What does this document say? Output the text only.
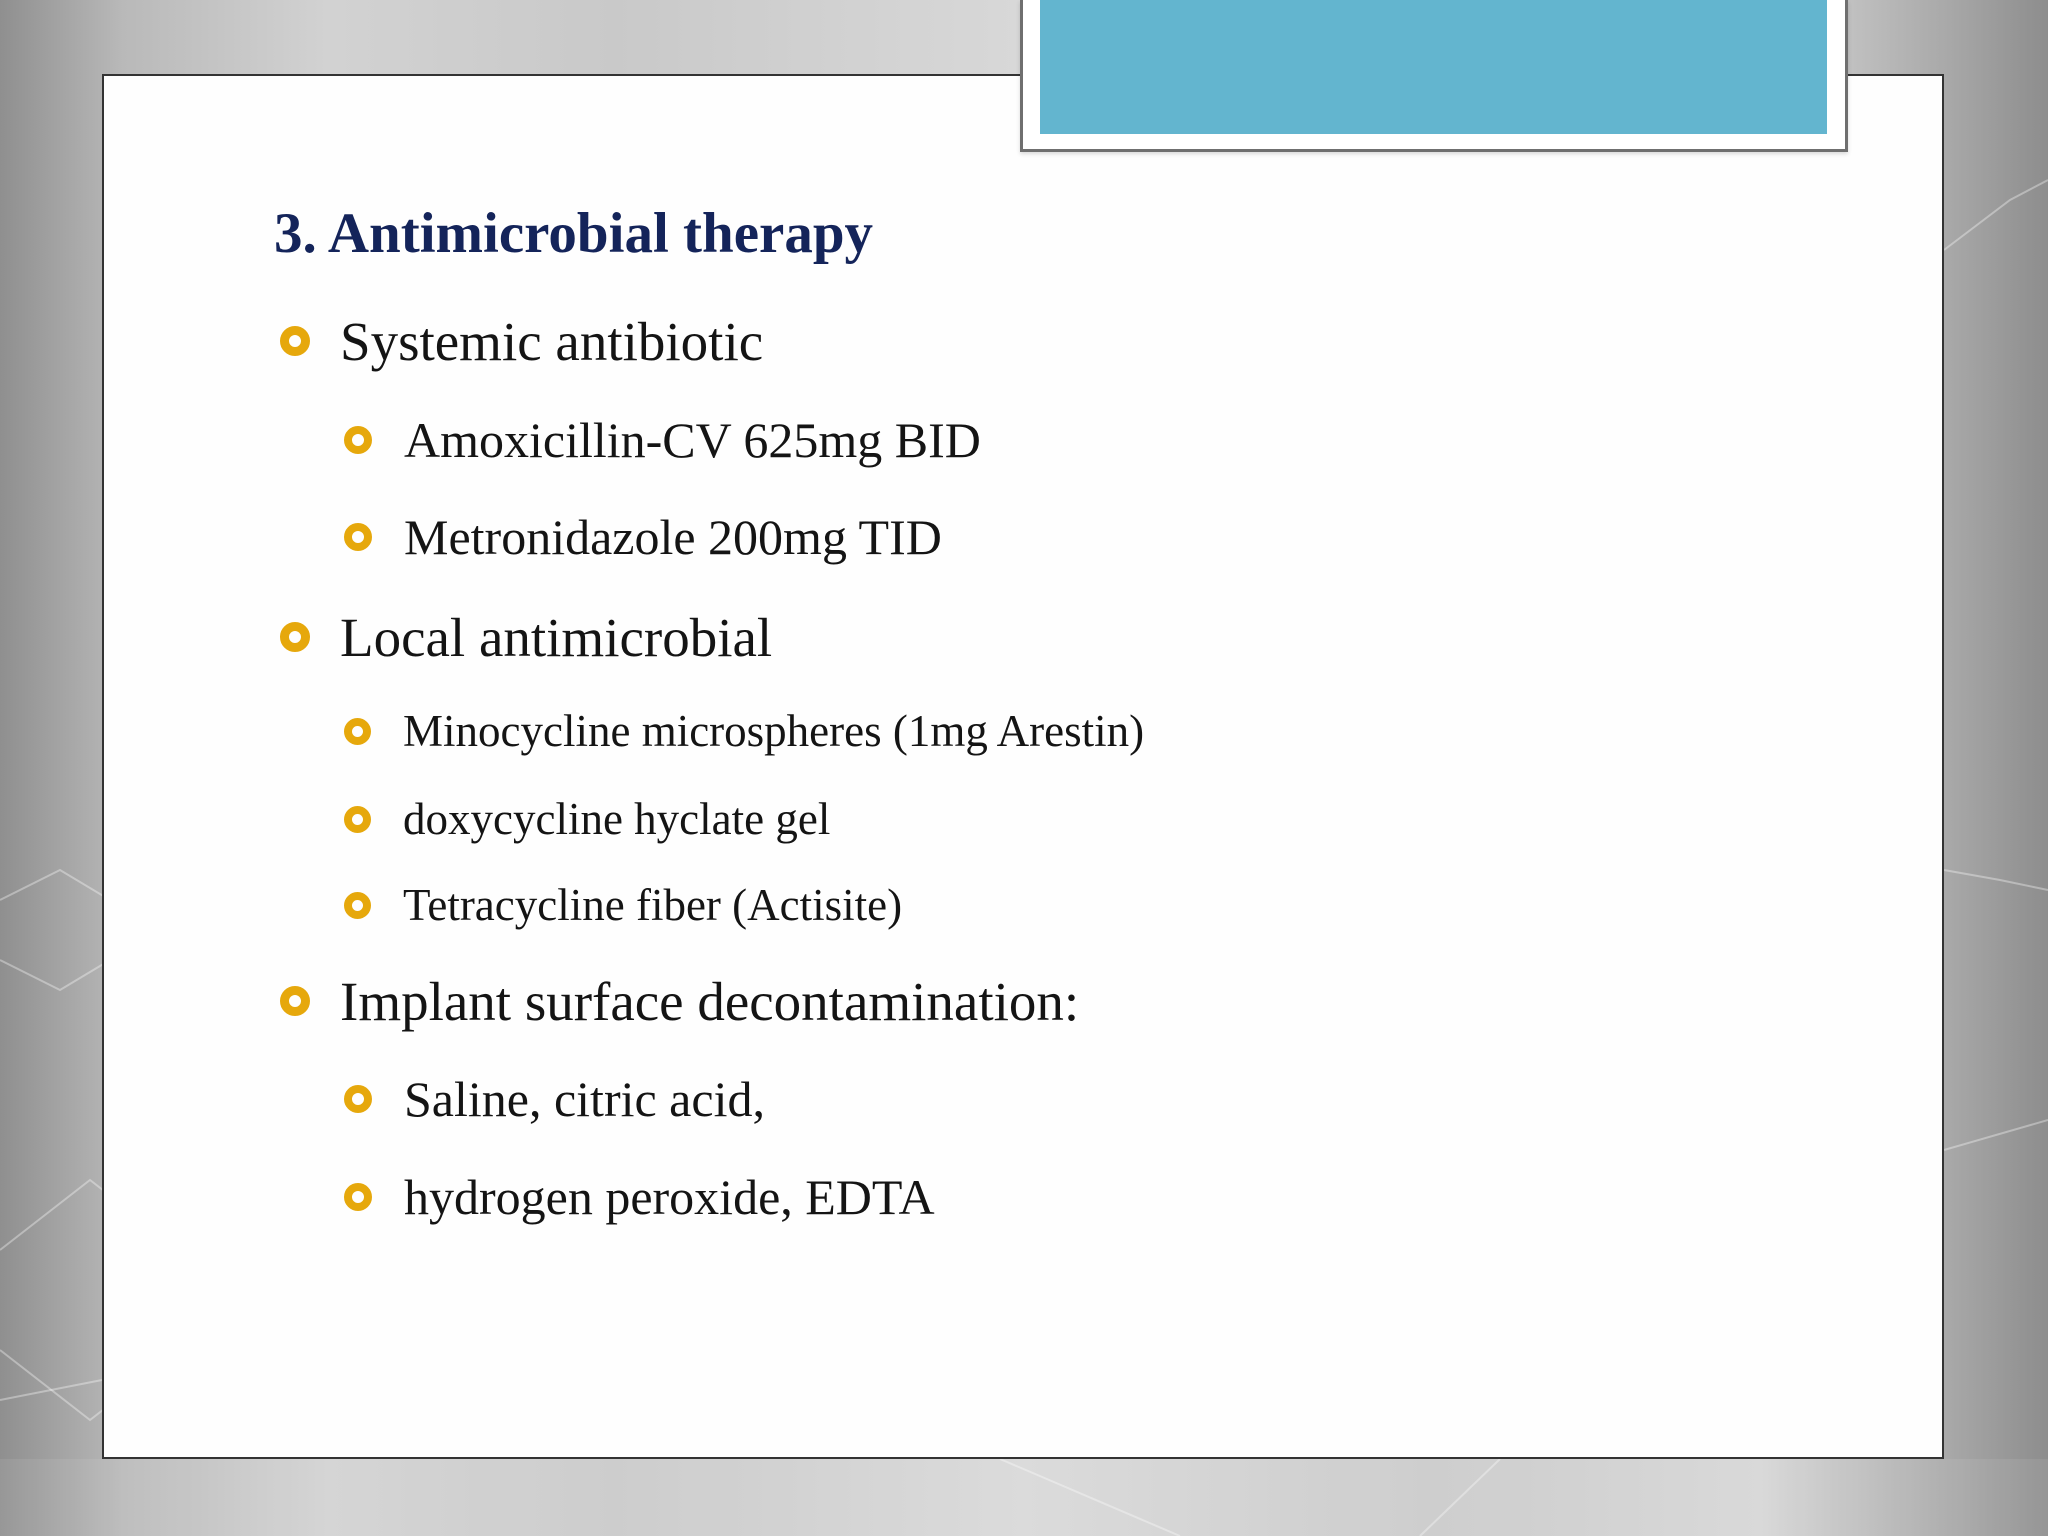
3. Antimicrobial therapy
Systemic antibiotic
Amoxicillin-CV 625mg BID
Metronidazole 200mg TID
Local antimicrobial
Minocycline microspheres (1mg Arestin)
doxycycline hyclate gel
Tetracycline fiber (Actisite)
Implant surface decontamination:
Saline, citric acid,
hydrogen peroxide, EDTA
